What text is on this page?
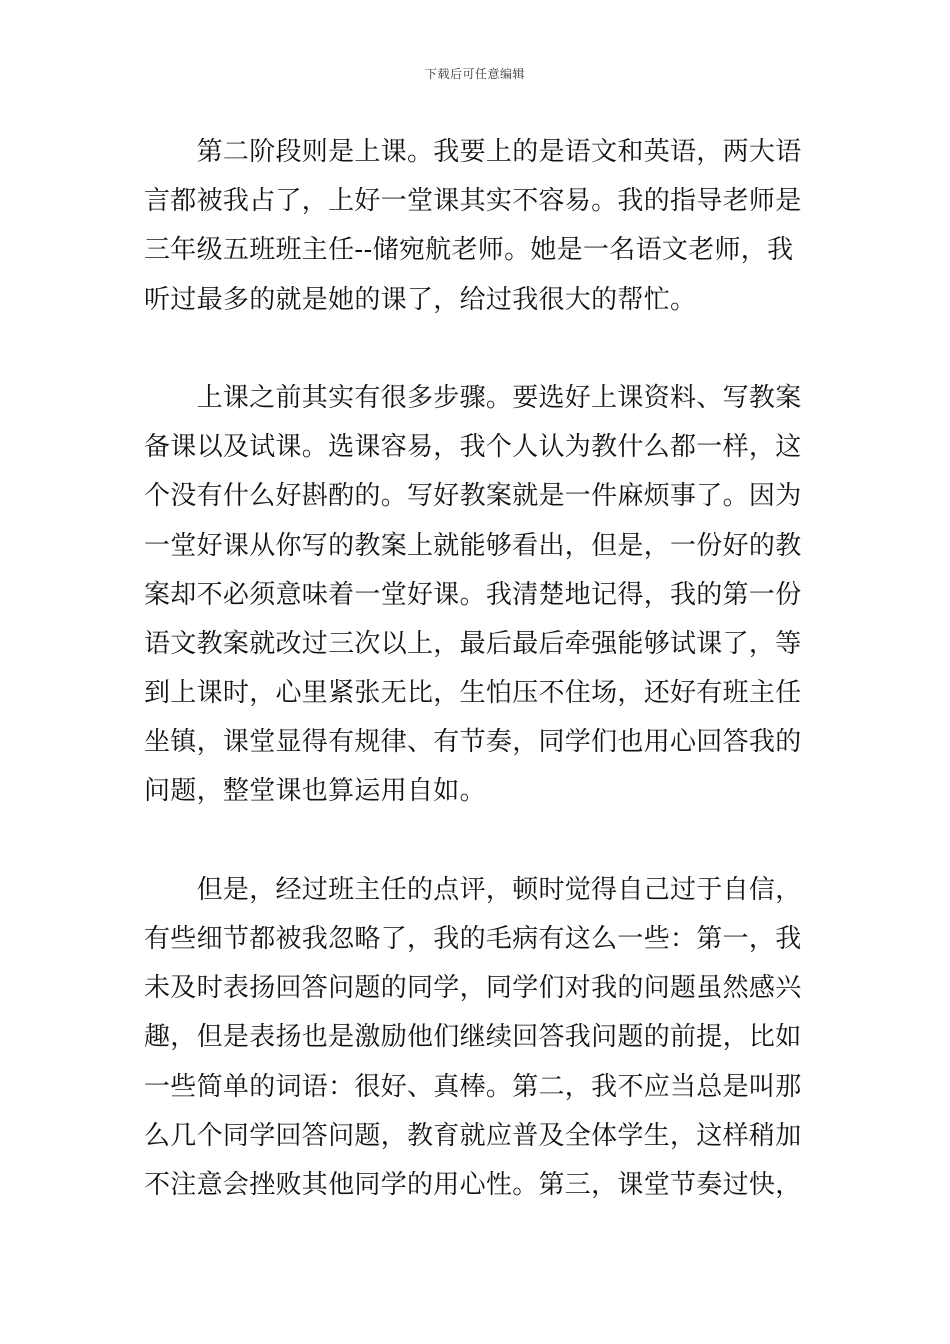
下载后可任意编辑
　　第二阶段则是上课。我要上的是语文和英语，两大语
言都被我占了，上好一堂课其实不容易。我的指导老师是
三年级五班班主任--储宛航老师。她是一名语文老师，我
听过最多的就是她的课了，给过我很大的帮忙。
　　上课之前其实有很多步骤。要选好上课资料、写教案
备课以及试课。选课容易，我个人认为教什么都一样，这
个没有什么好斟酌的。写好教案就是一件麻烦事了。因为
一堂好课从你写的教案上就能够看出，但是，一份好的教
案却不必须意味着一堂好课。我清楚地记得，我的第一份
语文教案就改过三次以上，最后最后牵强能够试课了，等
到上课时，心里紧张无比，生怕压不住场，还好有班主任
坐镇，课堂显得有规律、有节奏，同学们也用心回答我的
问题，整堂课也算运用自如。
　　但是，经过班主任的点评，顿时觉得自己过于自信，
有些细节都被我忽略了，我的毛病有这么一些：第一，我
未及时表扬回答问题的同学，同学们对我的问题虽然感兴
趣，但是表扬也是激励他们继续回答我问题的前提，比如
一些简单的词语：很好、真棒。第二，我不应当总是叫那
么几个同学回答问题，教育就应普及全体学生，这样稍加
不注意会挫败其他同学的用心性。第三，课堂节奏过快，
